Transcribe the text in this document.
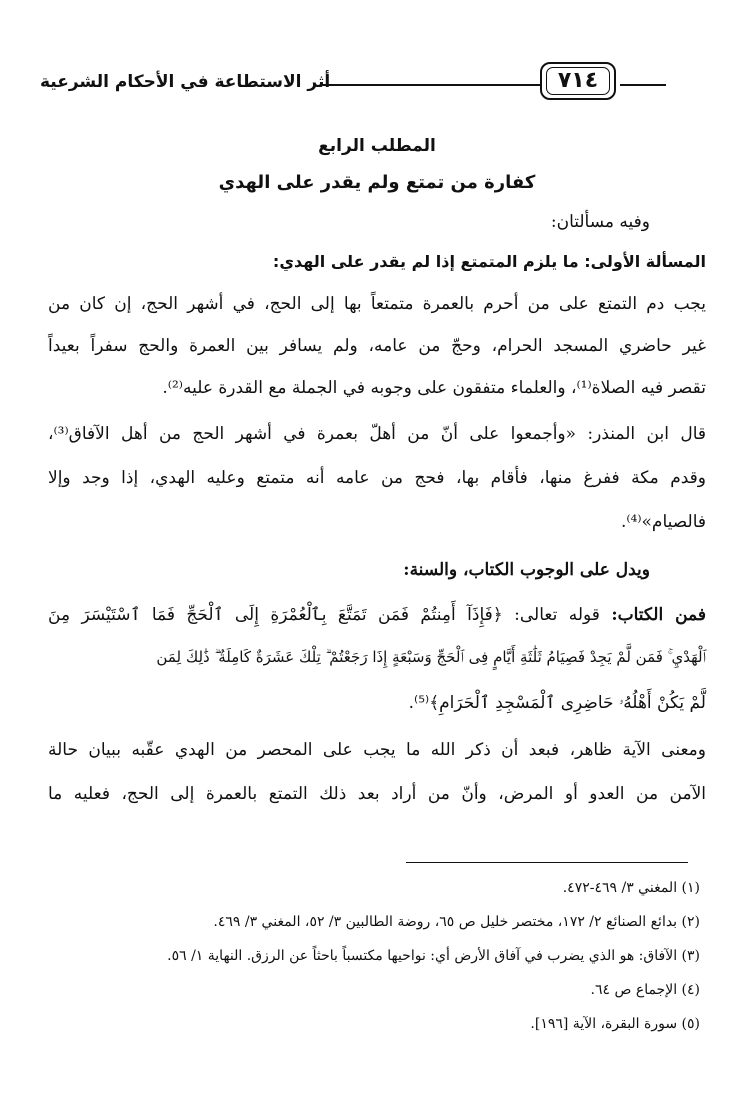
أثر الاستطاعة في الأحكام الشرعية	٧١٤
المطلب الرابع
كفارة من تمتع ولم يقدر على الهدي
وفيه مسألتان:
المسألة الأولى: ما يلزم المتمتع إذا لم يقدر على الهدي:
يجب دم التمتع على من أحرم بالعمرة متمتعاً بها إلى الحج، في أشهر الحج، إن كان من
غير حاضري المسجد الحرام، وحجّ من عامه، ولم يسافر بين العمرة والحج سفراً بعيداً
تقصر فيه الصلاة⁽¹⁾، والعلماء متفقون على وجوبه في الجملة مع القدرة عليه⁽²⁾.
قال ابن المنذر: «وأجمعوا على أنّ من أهلّ بعمرة في أشهر الحج من أهل الآفاق⁽³⁾،
وقدم مكة ففرغ منها، فأقام بها، فحج من عامه أنه متمتع وعليه الهدي، إذا وجد وإلا
فالصيام»⁽⁴⁾.
ويدل على الوجوب الكتاب، والسنة:
فمن الكتاب: قوله تعالى: ﴿فَإِذَآ أَمِنتُمْ فَمَن تَمَتَّعَ بِٱلْعُمْرَةِ إِلَى ٱلْحَجِّ فَمَا ٱسْتَيْسَرَ مِنَ
ٱلْهَدْيِ ۚ فَمَن لَّمْ يَجِدْ فَصِيَامُ ثَلَٰثَةِ أَيَّامٍ فِى ٱلْحَجِّ وَسَبْعَةٍ إِذَا رَجَعْتُمْ ۗ تِلْكَ عَشَرَةٌ كَامِلَةٌ ۗ ذَٰلِكَ لِمَن
لَّمْ يَكُنْ أَهْلُهُۥ حَاضِرِى ٱلْمَسْجِدِ ٱلْحَرَامِ﴾⁽⁵⁾.
ومعنى الآية ظاهر، فبعد أن ذكر الله ما يجب على المحصر من الهدي عقّبه ببيان حالة
الآمن من العدو أو المرض، وأنّ من أراد بعد ذلك التمتع بالعمرة إلى الحج، فعليه ما
(١) المغني ٣/ ٤٦٩-٤٧٢.
(٢) بدائع الصنائع ٢/ ١٧٢، مختصر خليل ص ٦٥، روضة الطالبين ٣/ ٥٢، المغني ٣/ ٤٦٩.
(٣) الآفاق: هو الذي يضرب في آفاق الأرض أي: نواحيها مكتسباً باحثاً عن الرزق. النهاية ١/ ٥٦.
(٤) الإجماع ص ٦٤.
(٥) سورة البقرة، الآية [١٩٦].
